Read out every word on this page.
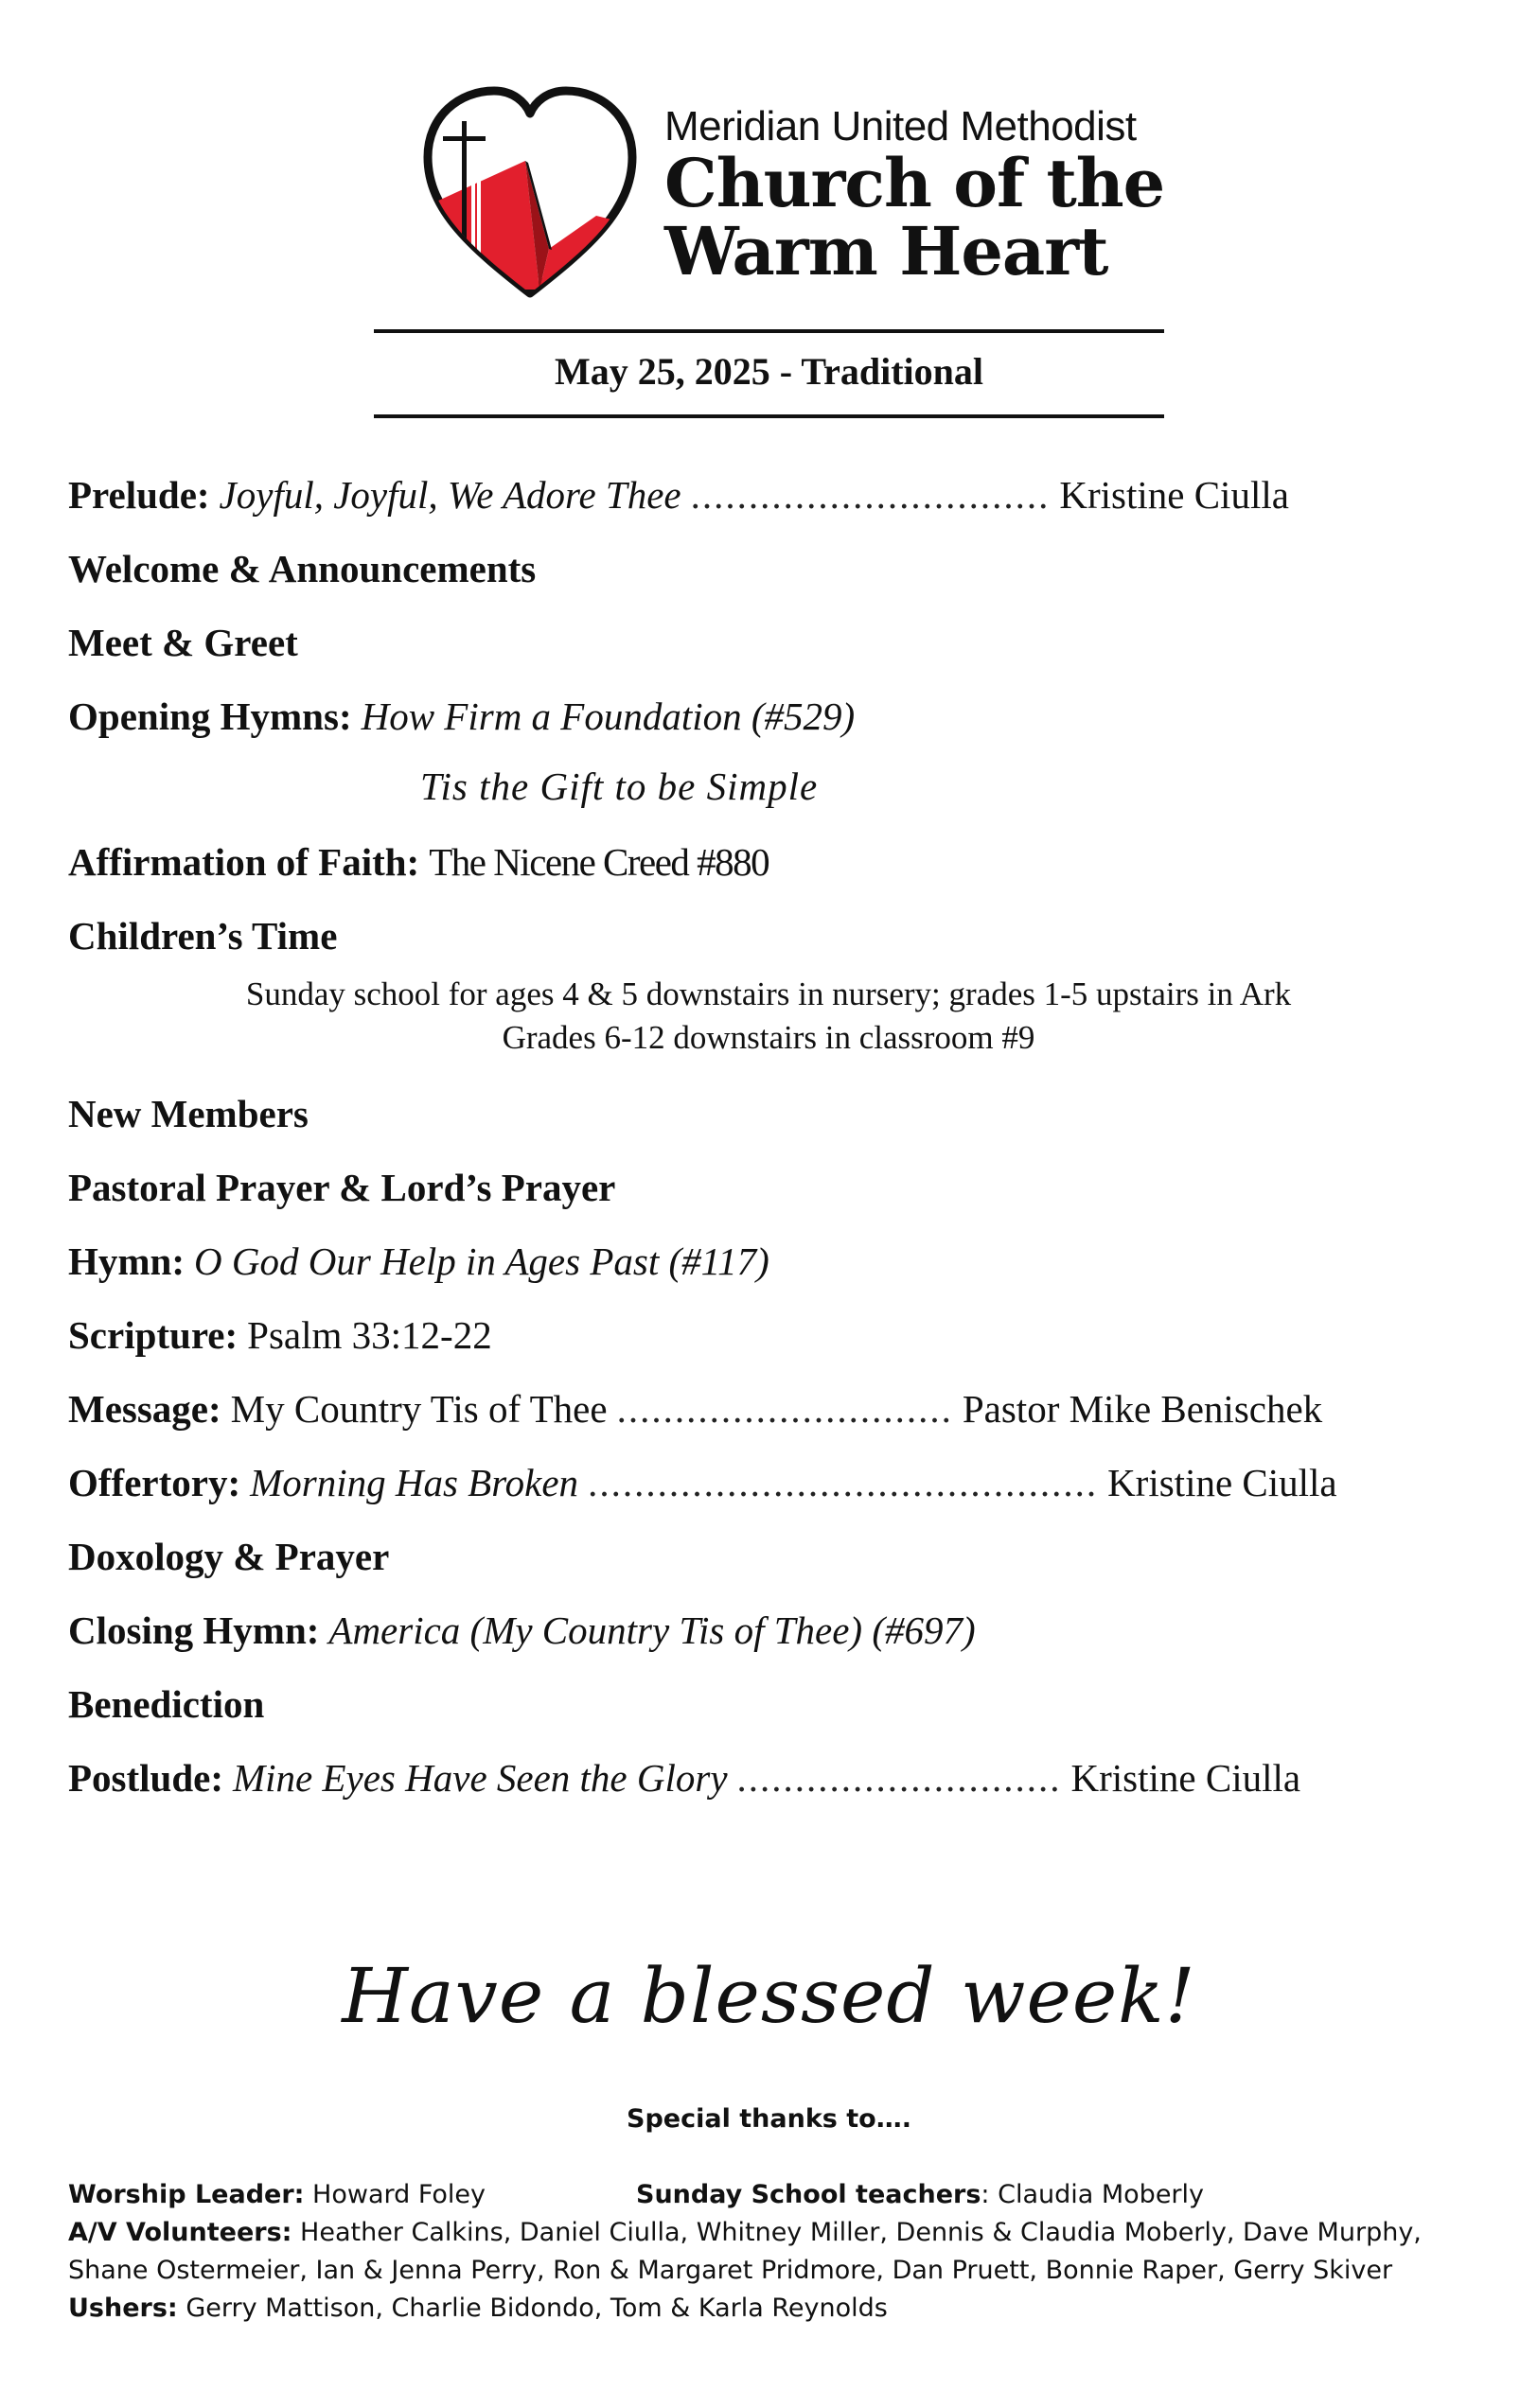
Meridian United Methodist
Church of the
Warm Heart
May 25, 2025 - Traditional
Prelude: Joyful, Joyful, We Adore Thee ............................... Kristine Ciulla
Welcome & Announcements
Meet & Greet
Opening Hymns: How Firm a Foundation (#529)
Tis the Gift to be Simple
Affirmation of Faith: The Nicene Creed #880
Children’s Time
Sunday school for ages 4 & 5 downstairs in nursery; grades 1-5 upstairs in Ark
Grades 6-12 downstairs in classroom #9
New Members
Pastoral Prayer & Lord’s Prayer
Hymn: O God Our Help in Ages Past (#117)
Scripture: Psalm 33:12-22
Message: My Country Tis of Thee ............................. Pastor Mike Benischek
Offertory: Morning Has Broken ............................................ Kristine Ciulla
Doxology & Prayer
Closing Hymn: America (My Country Tis of Thee) (#697)
Benediction
Postlude: Mine Eyes Have Seen the Glory ............................ Kristine Ciulla
Have a blessed week!
Special thanks to….
Worship Leader: Howard Foley	Sunday School teachers: Claudia Moberly
A/V Volunteers: Heather Calkins, Daniel Ciulla, Whitney Miller, Dennis & Claudia Moberly, Dave Murphy,
Shane Ostermeier, Ian & Jenna Perry, Ron & Margaret Pridmore, Dan Pruett, Bonnie Raper, Gerry Skiver
Ushers: Gerry Mattison, Charlie Bidondo, Tom & Karla Reynolds
